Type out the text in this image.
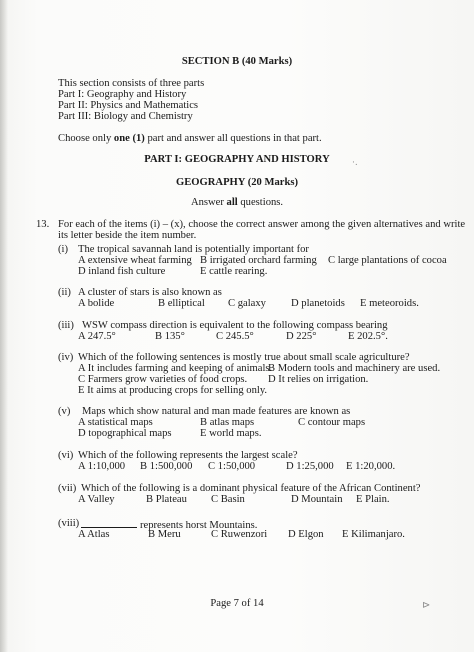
SECTION B (40 Marks)
This section consists of three parts
Part I: Geography and History
Part II: Physics and Mathematics
Part III: Biology and Chemistry
Choose only one (1) part and answer all questions in that part.
PART I: GEOGRAPHY AND HISTORY	·.
GEOGRAPHY (20 Marks)
Answer all questions.
13. For each of the items (i) – (x), choose the correct answer among the given alternatives and write
its letter beside the item number.
(i) The tropical savannah land is potentially important for
A extensive wheat farming B irrigated orchard farming C large plantations of cocoa
D inland fish culture	E cattle rearing.
(ii) A cluster of stars is also known as
A bolide	B elliptical C galaxy D planetoids E meteoroids.
(iii) WSW compass direction is equivalent to the following compass bearing
A 247.5°	B 135°	C 245.5°	D 225°	E 202.5°.
(iv) Which of the following sentences is mostly true about small scale agriculture?
A It includes farming and keeping of animals.
B Modern tools and machinery are used.
C Farmers grow varieties of food crops. D It relies on irrigation.
E It aims at producing crops for selling only.
(v) Maps which show natural and man made features are known as
A statistical maps	B atlas maps	C contour maps
D topographical maps	E world maps.
(vi) Which of the following represents the largest scale?
A 1:10,000 B 1:500,000 C 1:50,000	D 1:25,000 E 1:20,000.
(vii) Which of the following is a dominant physical feature of the African Continent?
A Valley	B Plateau C Basin	D Mountain E Plain.
(viii)	represents horst Mountains.
A Atlas	B Meru	C Ruwenzori D Elgon E Kilimanjaro.
Page 7 of 14	⊳
